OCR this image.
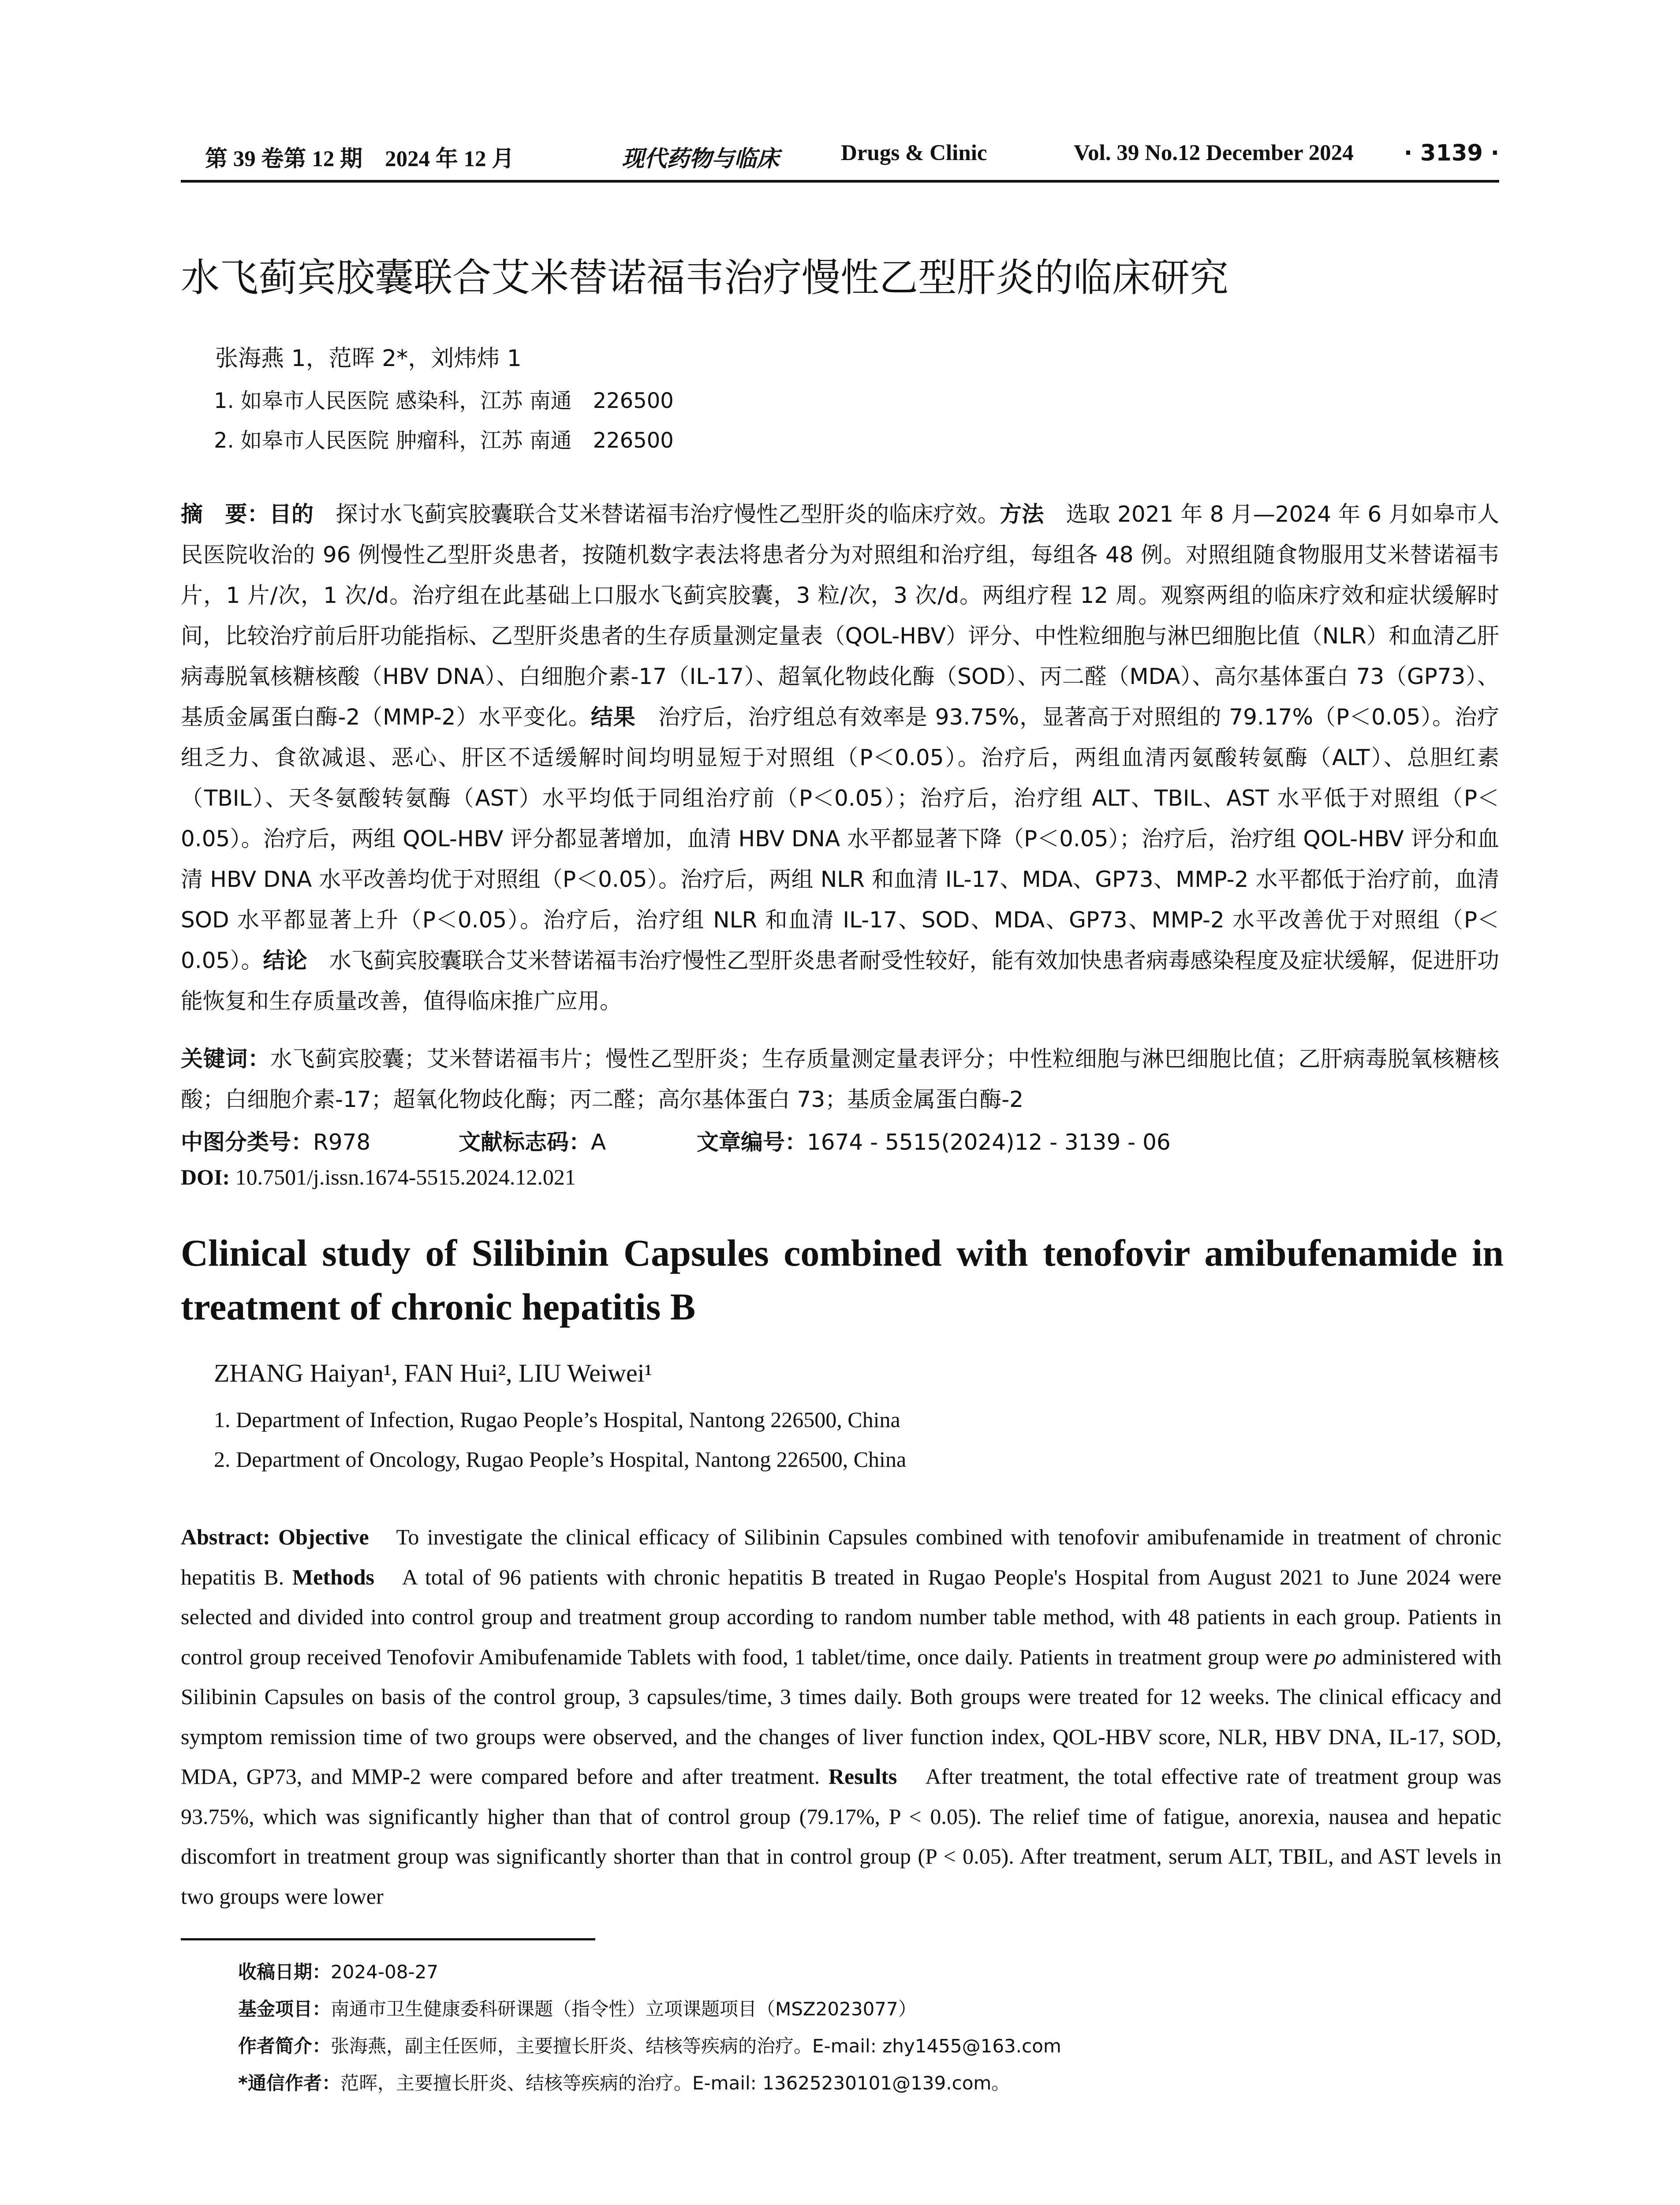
第 39 卷第 12 期　2024 年 12 月	现代药物与临床	Drugs & Clinic	Vol. 39 No.12 December 2024 · 3139 ·
水飞蓟宾胶囊联合艾米替诺福韦治疗慢性乙型肝炎的临床研究
张海燕 1，范晖 2*，刘炜炜 1
1. 如皋市人民医院 感染科，江苏 南通　226500
2. 如皋市人民医院 肿瘤科，江苏 南通　226500
摘　要：目的　探讨水飞蓟宾胶囊联合艾米替诺福韦治疗慢性乙型肝炎的临床疗效。方法　选取 2021 年 8 月—2024 年 6 月如皋市人民医院收治的 96 例慢性乙型肝炎患者，按随机数字表法将患者分为对照组和治疗组，每组各 48 例。对照组随食物服用艾米替诺福韦片，1 片/次，1 次/d。治疗组在此基础上口服水飞蓟宾胶囊，3 粒/次，3 次/d。两组疗程 12 周。观察两组的临床疗效和症状缓解时间，比较治疗前后肝功能指标、乙型肝炎患者的生存质量测定量表（QOL-HBV）评分、中性粒细胞与淋巴细胞比值（NLR）和血清乙肝病毒脱氧核糖核酸（HBV DNA）、白细胞介素-17（IL-17）、超氧化物歧化酶（SOD）、丙二醛（MDA）、高尔基体蛋白 73（GP73）、基质金属蛋白酶-2（MMP-2）水平变化。结果　治疗后，治疗组总有效率是 93.75%，显著高于对照组的 79.17%（P＜0.05）。治疗组乏力、食欲减退、恶心、肝区不适缓解时间均明显短于对照组（P＜0.05）。治疗后，两组血清丙氨酸转氨酶（ALT）、总胆红素（TBIL）、天冬氨酸转氨酶（AST）水平均低于同组治疗前（P＜0.05）；治疗后，治疗组 ALT、TBIL、AST 水平低于对照组（P＜0.05）。治疗后，两组 QOL-HBV 评分都显著增加，血清 HBV DNA 水平都显著下降（P＜0.05）；治疗后，治疗组 QOL-HBV 评分和血清 HBV DNA 水平改善均优于对照组（P＜0.05）。治疗后，两组 NLR 和血清 IL-17、MDA、GP73、MMP-2 水平都低于治疗前，血清 SOD 水平都显著上升（P＜0.05）。治疗后，治疗组 NLR 和血清 IL-17、SOD、MDA、GP73、MMP-2 水平改善优于对照组（P＜0.05）。结论　水飞蓟宾胶囊联合艾米替诺福韦治疗慢性乙型肝炎患者耐受性较好，能有效加快患者病毒感染程度及症状缓解，促进肝功能恢复和生存质量改善，值得临床推广应用。
关键词：水飞蓟宾胶囊；艾米替诺福韦片；慢性乙型肝炎；生存质量测定量表评分；中性粒细胞与淋巴细胞比值；乙肝病毒脱氧核糖核酸；白细胞介素-17；超氧化物歧化酶；丙二醛；高尔基体蛋白 73；基质金属蛋白酶-2
中图分类号：R978	文献标志码：A	文章编号：1674 - 5515(2024)12 - 3139 - 06
DOI: 10.7501/j.issn.1674-5515.2024.12.021
Clinical study of Silibinin Capsules combined with tenofovir amibufenamide in treatment of chronic hepatitis B
ZHANG Haiyan¹, FAN Hui², LIU Weiwei¹
1. Department of Infection, Rugao People’s Hospital, Nantong 226500, China
2. Department of Oncology, Rugao People’s Hospital, Nantong 226500, China
Abstract: Objective　To investigate the clinical efficacy of Silibinin Capsules combined with tenofovir amibufenamide in treatment of chronic hepatitis B. Methods　A total of 96 patients with chronic hepatitis B treated in Rugao People's Hospital from August 2021 to June 2024 were selected and divided into control group and treatment group according to random number table method, with 48 patients in each group. Patients in control group received Tenofovir Amibufenamide Tablets with food, 1 tablet/time, once daily. Patients in treatment group were po administered with Silibinin Capsules on basis of the control group, 3 capsules/time, 3 times daily. Both groups were treated for 12 weeks. The clinical efficacy and symptom remission time of two groups were observed, and the changes of liver function index, QOL-HBV score, NLR, HBV DNA, IL-17, SOD, MDA, GP73, and MMP-2 were compared before and after treatment. Results　After treatment, the total effective rate of treatment group was 93.75%, which was significantly higher than that of control group (79.17%, P < 0.05). The relief time of fatigue, anorexia, nausea and hepatic discomfort in treatment group was significantly shorter than that in control group (P < 0.05). After treatment, serum ALT, TBIL, and AST levels in two groups were lower
收稿日期：2024-08-27
基金项目：南通市卫生健康委科研课题（指令性）立项课题项目（MSZ2023077）
作者简介：张海燕，副主任医师，主要擅长肝炎、结核等疾病的治疗。E-mail: zhy1455@163.com
*通信作者：范晖，主要擅长肝炎、结核等疾病的治疗。E-mail: 13625230101@139.com。
